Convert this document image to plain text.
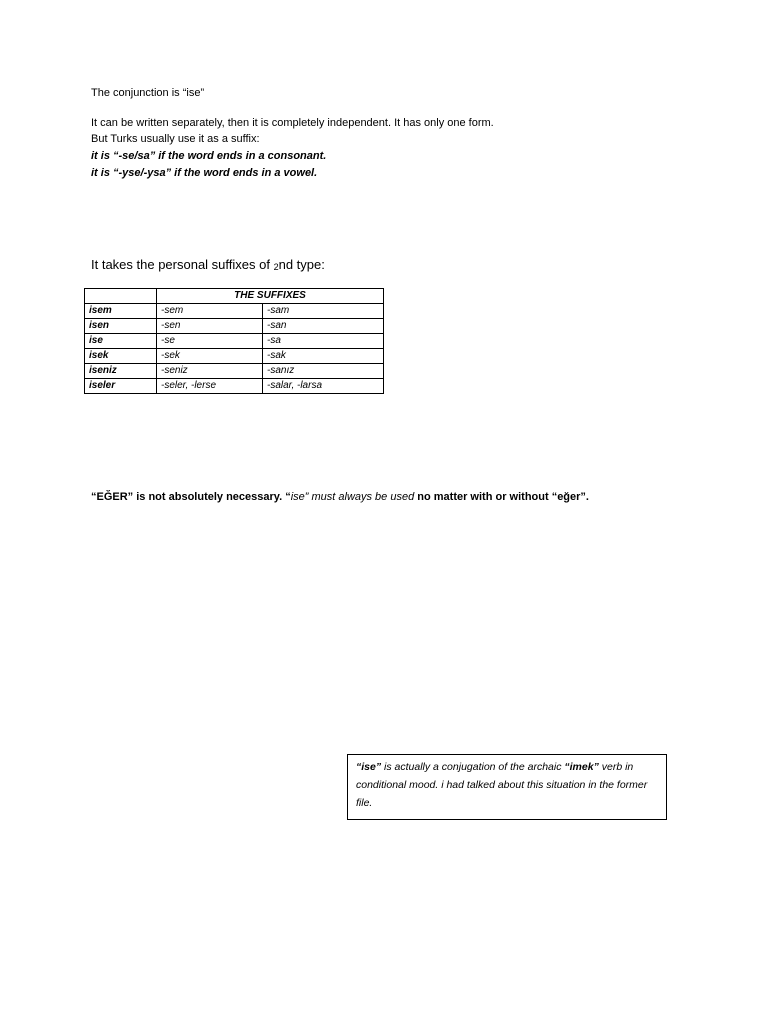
The conjunction is “ise”
It can be written separately, then it is completely independent. It has only one form.
But Turks usually use it as a suffix:
it is “-se/sa” if the word ends in a consonant.
it is “-yse/-ysa” if the word ends in a vowel.
It takes the personal suffixes of $_2$nd type:
	THE SUFFIXES	
isem	-sem	-sam
isen	-sen	-san
ise	-se	-sa
isek	-sek	-sak
iseniz	-seniz	-sanız
iseler	-seler, -lerse	-salar, -larsa
“EĞER” is not absolutely necessary. “ise” must always be used no matter with or without “eğer”.
“ise” is actually a conjugation of the archaic “imek” verb in conditional mood. i had talked about this situation in the former file.
